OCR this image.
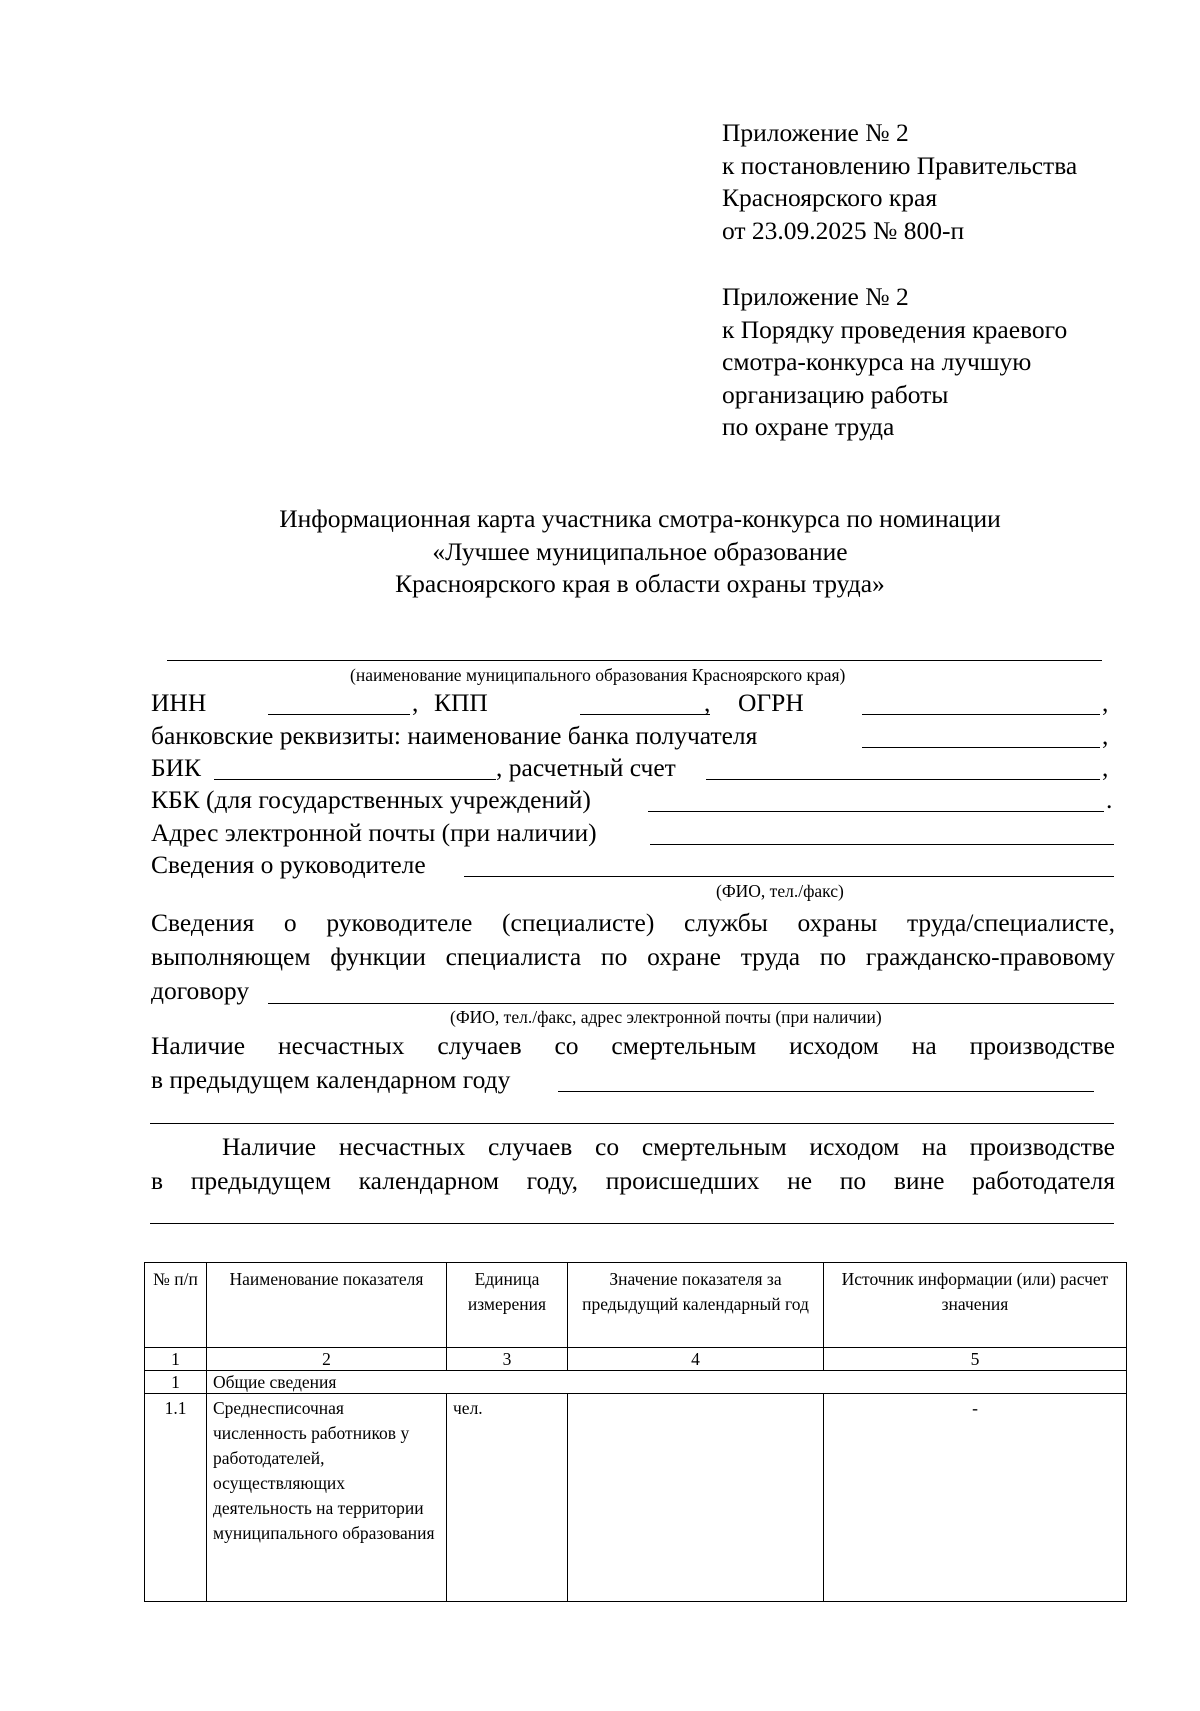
Приложение № 2
к постановлению Правительства
Красноярского края
от 23.09.2025 № 800-п
Приложение № 2
к Порядку проведения краевого
смотра-конкурса на лучшую
организацию работы
по охране труда
Информационная карта участника смотра-конкурса по номинации
«Лучшее муниципальное образование
Красноярского края в области охраны труда»
(наименование муниципального образования Красноярского края)
ИНН	, КПП	, ОГРН	,
банковские реквизиты: наименование банка получателя	,
БИК	, расчетный счет	,
КБК (для государственных учреждений)	.
Адрес электронной почты (при наличии)
Сведения о руководителе
(ФИО, тел./факс)
Сведения о руководителе (специалисте) службы охраны труда/специалисте,
выполняющем функции специалиста по охране труда по гражданско-правовому
договору
(ФИО, тел./факс, адрес электронной почты (при наличии)
Наличие несчастных случаев со смертельным исходом на производстве
в предыдущем календарном году
Наличие несчастных случаев со смертельным исходом на производстве
в предыдущем календарном году, происшедших не по вине работодателя
№ п/п	Наименование показателя	Единица измерения	Значение показателя за предыдущий календарный год	Источник информации (или) расчет значения
1	2	3	4	5
1	Общие сведения			
1.1	Среднесписочная численность работников у работодателей, осуществляющих деятельность на территории муниципального образования	чел.		-
